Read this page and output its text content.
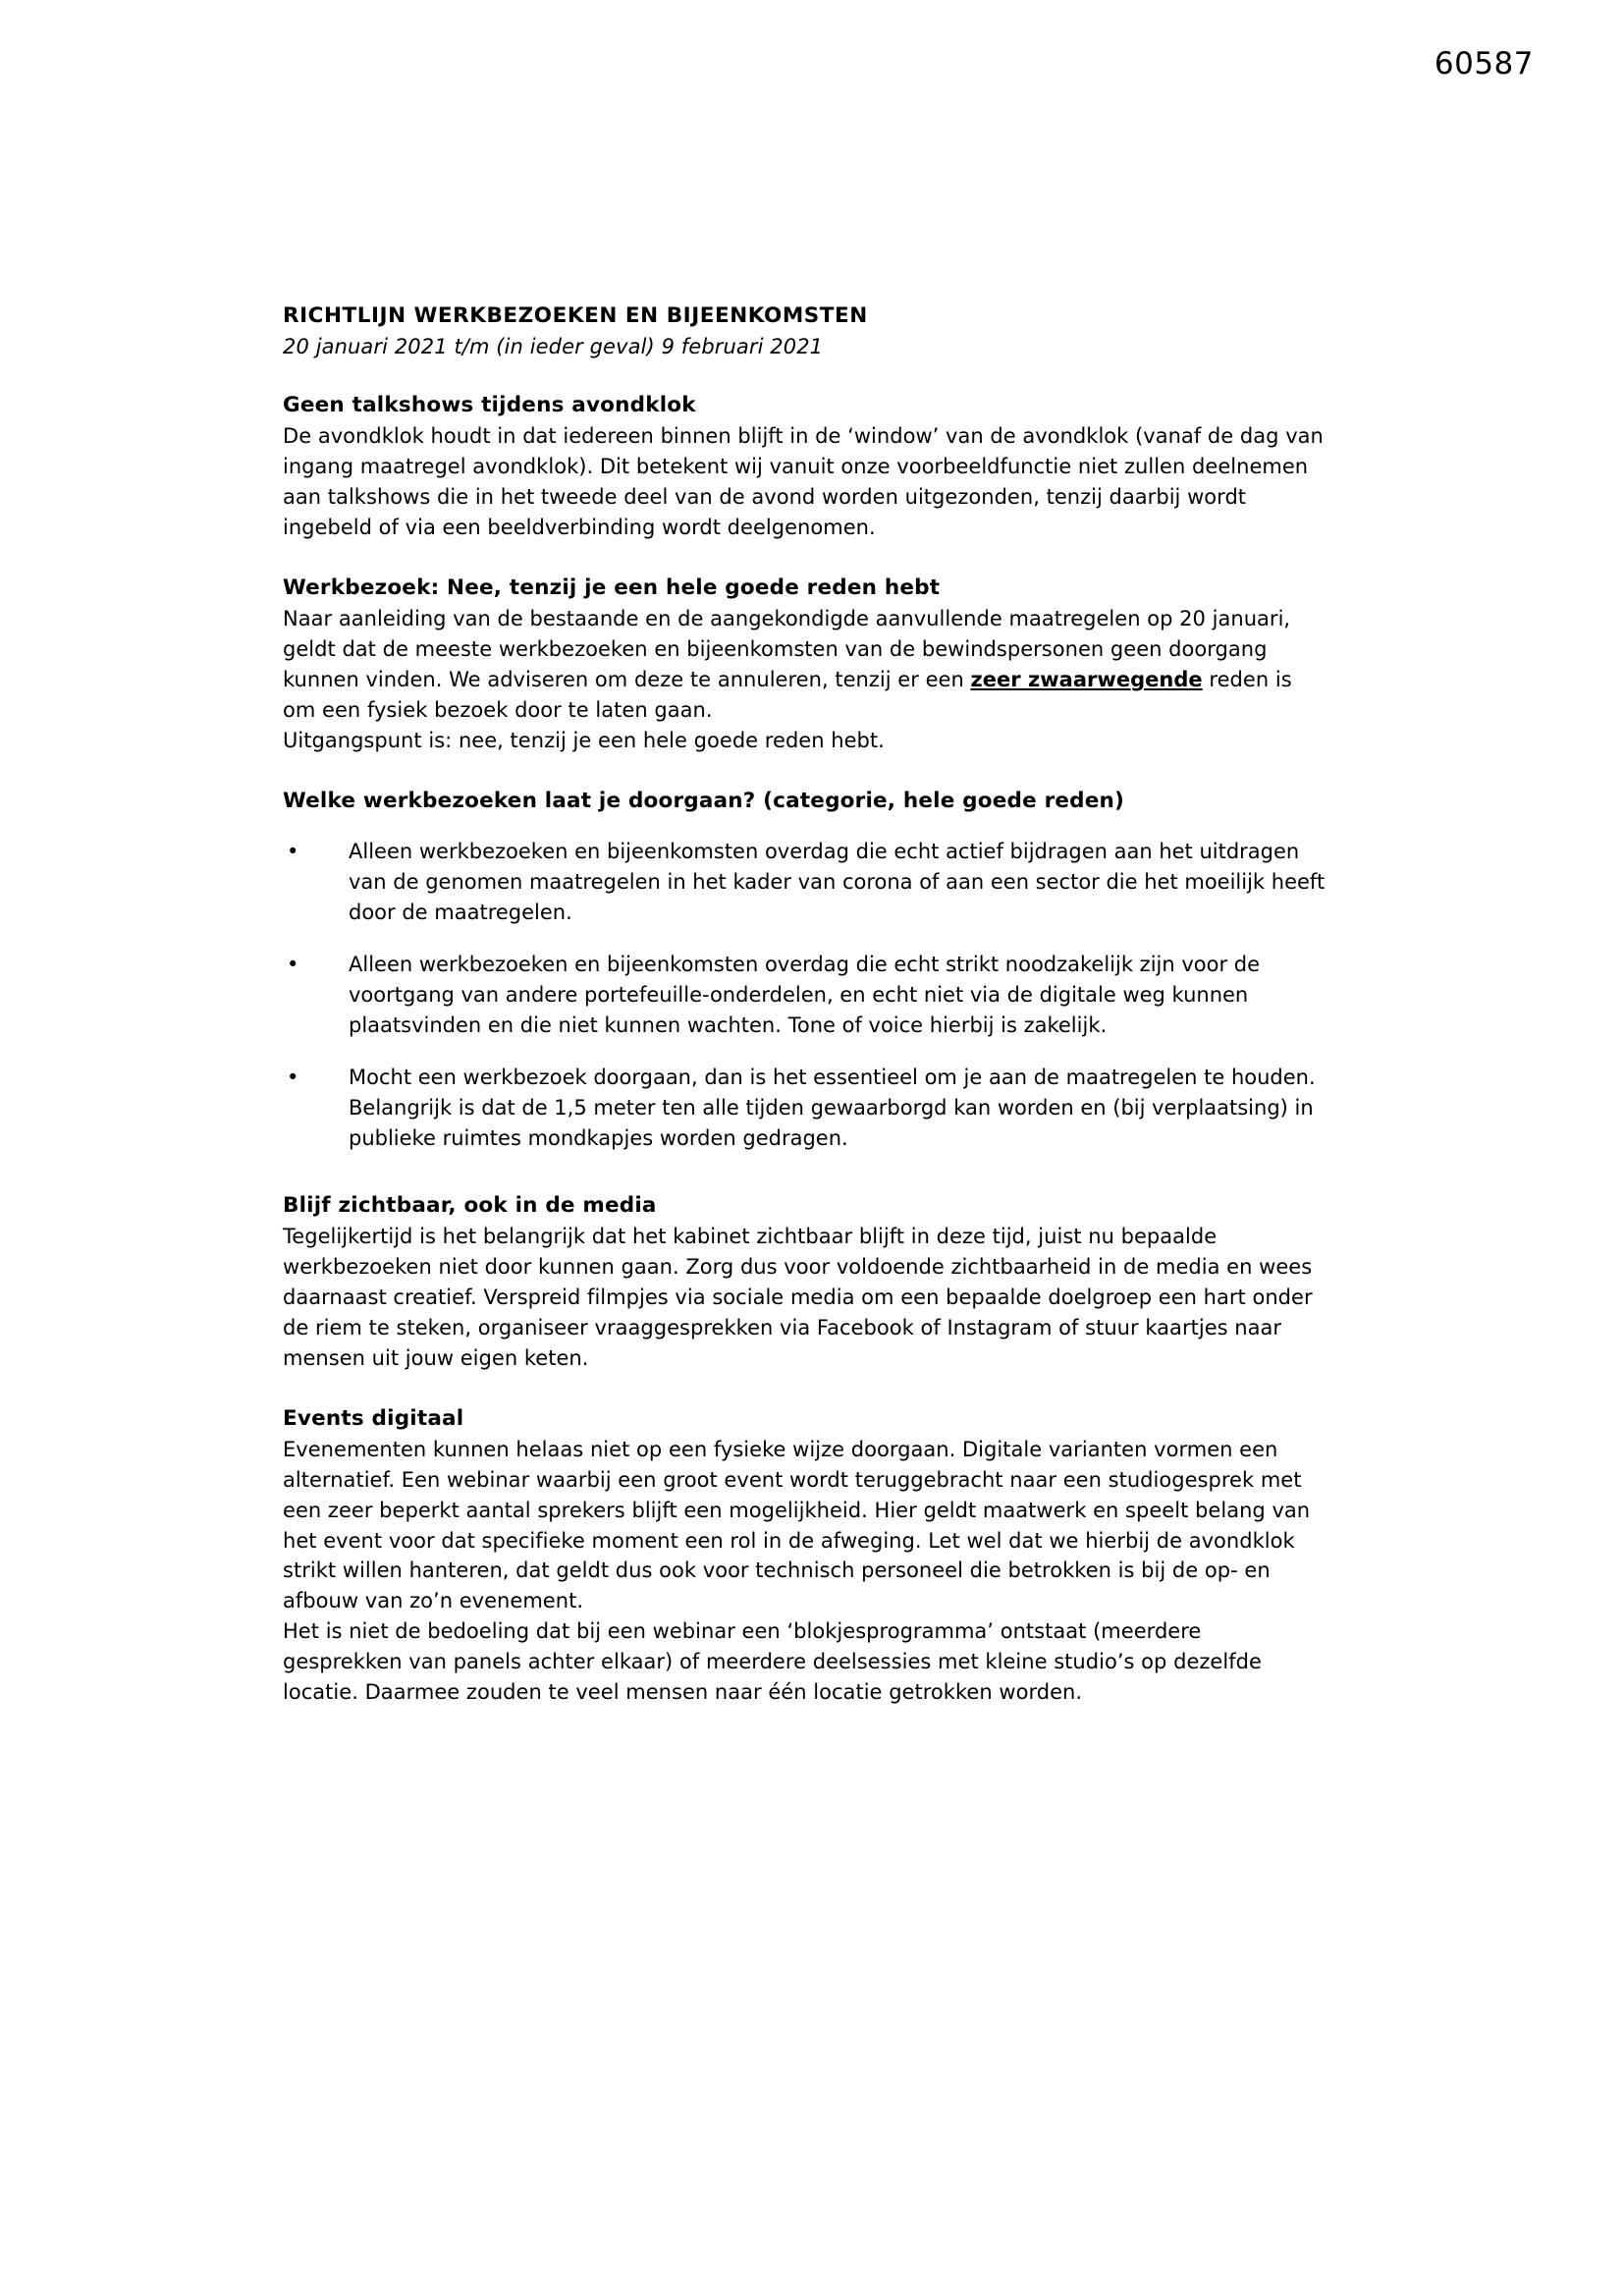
60587
RICHTLIJN WERKBEZOEKEN EN BIJEENKOMSTEN
20 januari 2021 t/m (in ieder geval) 9 februari 2021
Geen talkshows tijdens avondklok

De avondklok houdt in dat iedereen binnen blijft in de ‘window’ van de avondklok (vanaf de dag van ingang maatregel avondklok). Dit betekent wij vanuit onze voorbeeldfunctie niet zullen deelnemen aan talkshows die in het tweede deel van de avond worden uitgezonden, tenzij daarbij wordt ingebeld of via een beeldverbinding wordt deelgenomen.

Werkbezoek: Nee, tenzij je een hele goede reden hebt

Naar aanleiding van de bestaande en de aangekondigde aanvullende maatregelen op 20 januari, geldt dat de meeste werkbezoeken en bijeenkomsten van de bewindspersonen geen doorgang kunnen vinden. We adviseren om deze te annuleren, tenzij er een zeer zwaarwegende reden is om een fysiek bezoek door te laten gaan.

Uitgangspunt is: nee, tenzij je een hele goede reden hebt.

Welke werkbezoeken laat je doorgaan? (categorie, hele goede reden)
• Alleen werkbezoeken en bijeenkomsten overdag die echt actief bijdragen aan het uitdragen van de genomen maatregelen in het kader van corona of aan een sector die het moeilijk heeft door de maatregelen.
• Alleen werkbezoeken en bijeenkomsten overdag die echt strikt noodzakelijk zijn voor de voortgang van andere portefeuille-onderdelen, en echt niet via de digitale weg kunnen plaatsvinden en die niet kunnen wachten. Tone of voice hierbij is zakelijk.
• Mocht een werkbezoek doorgaan, dan is het essentieel om je aan de maatregelen te houden. Belangrijk is dat de 1,5 meter ten alle tijden gewaarborgd kan worden en (bij verplaatsing) in publieke ruimtes mondkapjes worden gedragen.
Blijf zichtbaar, ook in de media

Tegelijkertijd is het belangrijk dat het kabinet zichtbaar blijft in deze tijd, juist nu bepaalde werkbezoeken niet door kunnen gaan. Zorg dus voor voldoende zichtbaarheid in de media en wees daarnaast creatief. Verspreid filmpjes via sociale media om een bepaalde doelgroep een hart onder de riem te steken, organiseer vraaggesprekken via Facebook of Instagram of stuur kaartjes naar mensen uit jouw eigen keten.

Events digitaal

Evenementen kunnen helaas niet op een fysieke wijze doorgaan. Digitale varianten vormen een alternatief. Een webinar waarbij een groot event wordt teruggebracht naar een studiogesprek met een zeer beperkt aantal sprekers blijft een mogelijkheid. Hier geldt maatwerk en speelt belang van het event voor dat specifieke moment een rol in de afweging. Let wel dat we hierbij de avondklok strikt willen hanteren, dat geldt dus ook voor technisch personeel die betrokken is bij de op- en afbouw van zo’n evenement.

Het is niet de bedoeling dat bij een webinar een ‘blokjesprogramma’ ontstaat (meerdere gesprekken van panels achter elkaar) of meerdere deelsessies met kleine studio’s op dezelfde locatie. Daarmee zouden te veel mensen naar één locatie getrokken worden.
